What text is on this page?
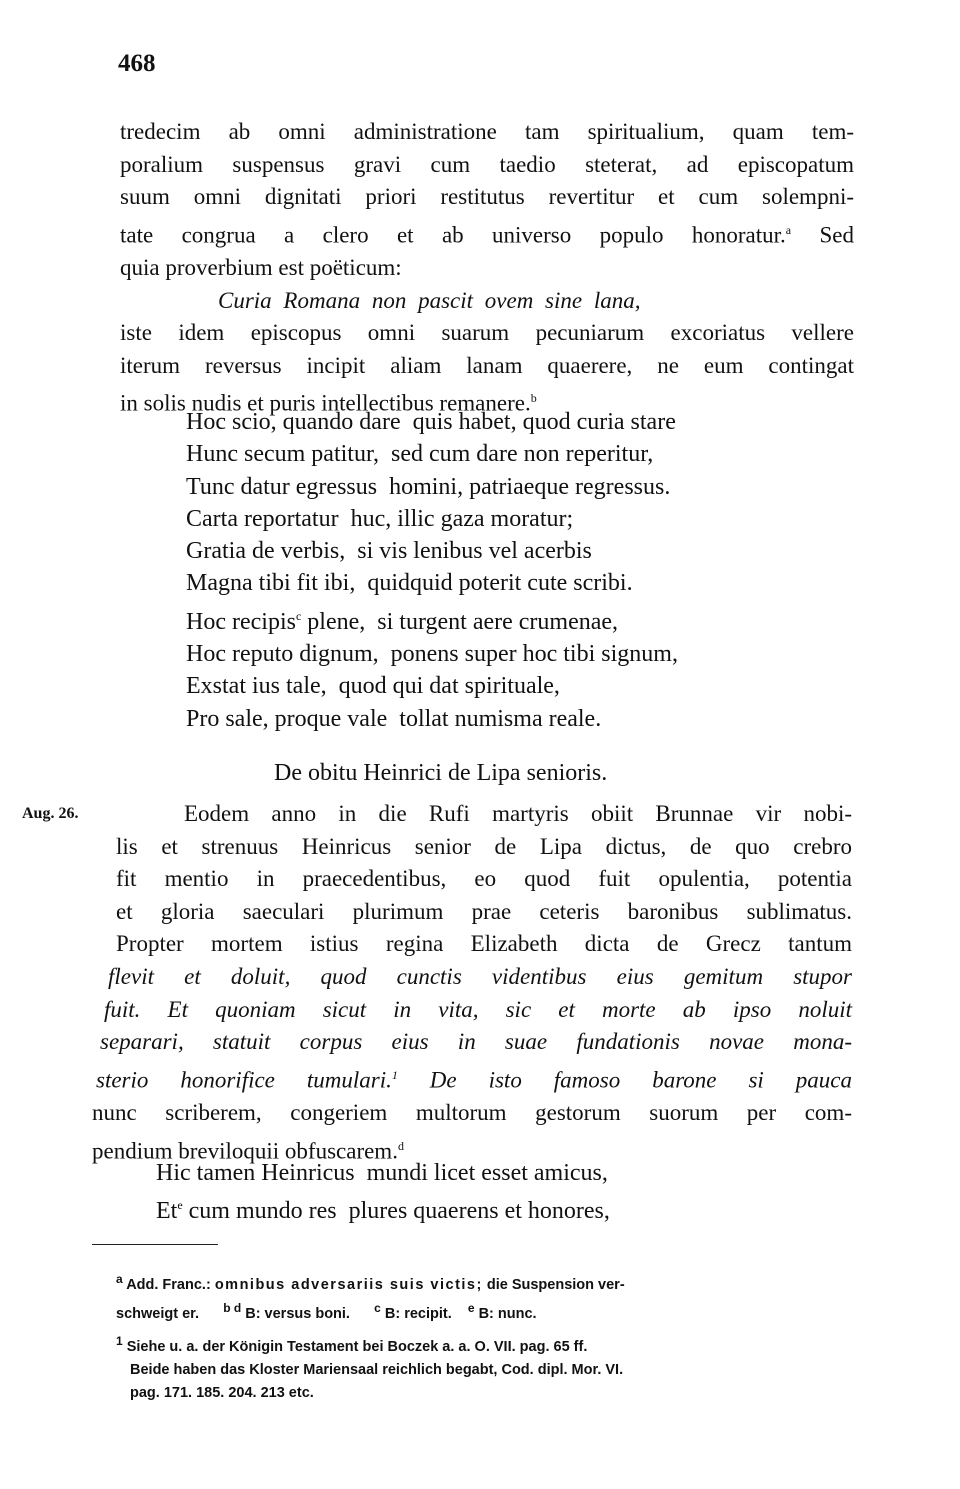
468
tredecim ab omni administratione tam spiritualium, quam tem-
poralium suspensus gravi cum taedio steterat, ad episcopatum
suum omni dignitati priori restitutus revertitur et cum solempni-
tate congrua a clero et ab universo populo honoratur.$^a$ Sed
quia proverbium est poëticum:
Curia Romana non pascit ovem sine lana,
iste idem episcopus omni suarum pecuniarum excoriatus vellere
iterum reversus incipit aliam lanam quaerere, ne eum contingat
in solis nudis et puris intellectibus remanere.$^b$
Hoc scio, quando dare  quis habet, quod curia stare
Hunc secum patitur,  sed cum dare non reperitur,
Tunc datur egressus  homini, patriaeque regressus.
Carta reportatur  huc, illic gaza moratur;
Gratia de verbis,  si vis lenibus vel acerbis
Magna tibi fit ibi,  quidquid poterit cute scribi.
Hoc recipis$^c$ plene,  si turgent aere crumenae,
Hoc reputo dignum,  ponens super hoc tibi signum,
Exstat ius tale,  quod qui dat spirituale,
Pro sale, proque vale  tollat numisma reale.
De obitu Heinrici de Lipa senioris.
Aug. 26.	Eodem anno in die Rufi martyris obiit Brunnae vir nobi-
lis et strenuus Heinricus senior de Lipa dictus, de quo crebro
fit mentio in praecedentibus, eo quod fuit opulentia, potentia
et gloria saeculari plurimum prae ceteris baronibus sublimatus.
Propter mortem istius regina Elizabeth dicta de Grecz tantum
flevit et doluit, quod cunctis videntibus eius gemitum stupor
fuit. Et quoniam sicut in vita, sic et morte ab ipso noluit
separari, statuit corpus eius in suae fundationis novae mona-
sterio honorifice tumulari.$^1$ De isto famoso barone si pauca
nunc scriberem, congeriem multorum gestorum suorum per com-
pendium breviloquii obfuscarem.$^d$
Hic tamen Heinricus  mundi licet esset amicus,
Et$^e$ cum mundo res  plures quaerens et honores,
$^a$ Add. Franc.: omnibus adversariis suis victis; die Suspension ver-
schweigt er. $^{b d}$ B: versus boni. $^c$ B: recipit. $^e$ B: nunc.
$^1$ Siehe u. a. der Königin Testament bei Boczek a. a. O. VII. pag. 65 ff.
Beide haben das Kloster Mariensaal reichlich begabt, Cod. dipl. Mor. VI.
pag. 171. 185. 204. 213 etc.
